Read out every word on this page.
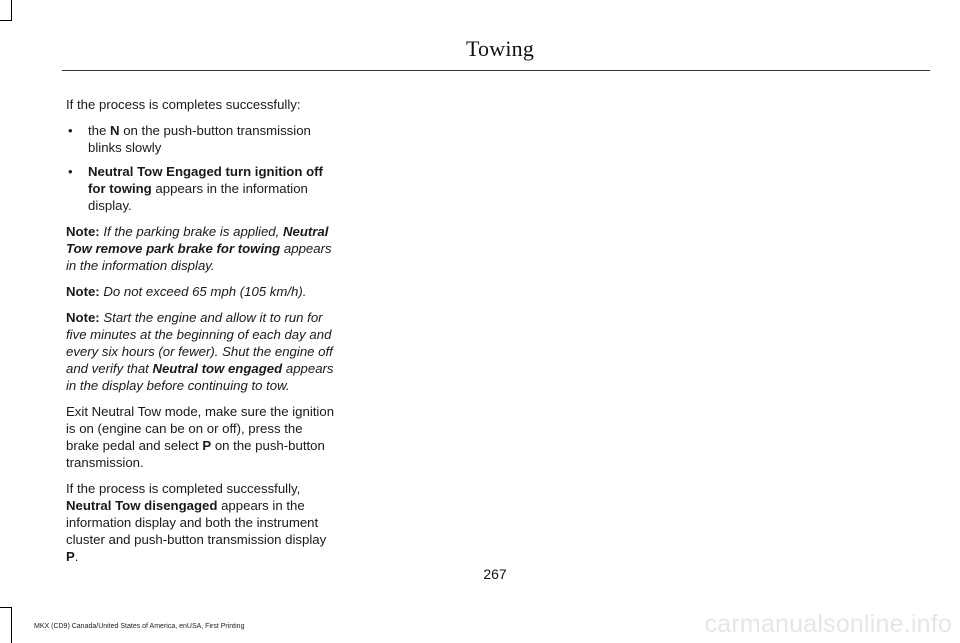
Towing

If the process is completes successfully:

• the N on the push-button transmission blinks slowly
• Neutral Tow Engaged turn ignition off for towing appears in the information display.

Note: If the parking brake is applied, Neutral Tow remove park brake for towing appears in the information display.

Note: Do not exceed 65 mph (105 km/h).

Note: Start the engine and allow it to run for five minutes at the beginning of each day and every six hours (or fewer). Shut the engine off and verify that Neutral tow engaged appears in the display before continuing to tow.

Exit Neutral Tow mode, make sure the ignition is on (engine can be on or off), press the brake pedal and select P on the push-button transmission.

If the process is completed successfully, Neutral Tow disengaged appears in the information display and both the instrument cluster and push-button transmission display P.

267
MKX (CD9) Canada/United States of America, enUSA, First Printing	carmanualsonline.info
